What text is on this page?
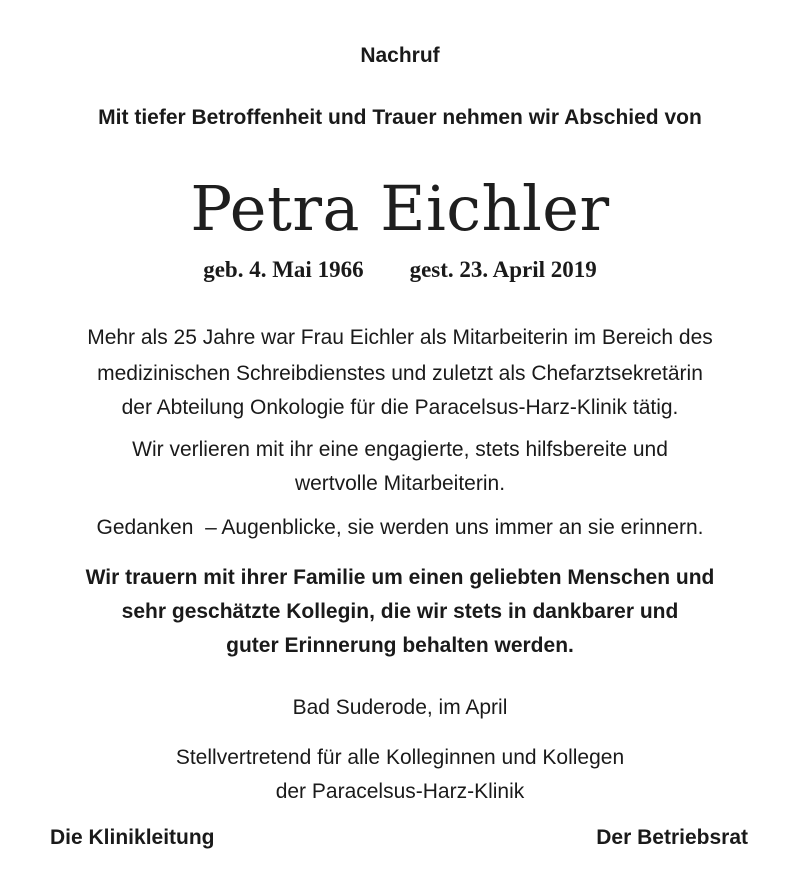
Nachruf
Mit tiefer Betroffenheit und Trauer nehmen wir Abschied von
Petra Eichler
geb. 4. Mai 1966 gest. 23. April 2019
Mehr als 25 Jahre war Frau Eichler als Mitarbeiterin im Bereich des
medizinischen Schreibdienstes und zuletzt als Chefarztsekretärin
der Abteilung Onkologie für die Paracelsus-Harz-Klinik tätig.
Wir verlieren mit ihr eine engagierte, stets hilfsbereite und
wertvolle Mitarbeiterin.
Gedanken  – Augenblicke, sie werden uns immer an sie erinnern.
Wir trauern mit ihrer Familie um einen geliebten Menschen und
sehr geschätzte Kollegin, die wir stets in dankbarer und
guter Erinnerung behalten werden.
Bad Suderode, im April
Stellvertretend für alle Kolleginnen und Kollegen
der Paracelsus-Harz-Klinik
Die Klinikleitung	Der Betriebsrat
